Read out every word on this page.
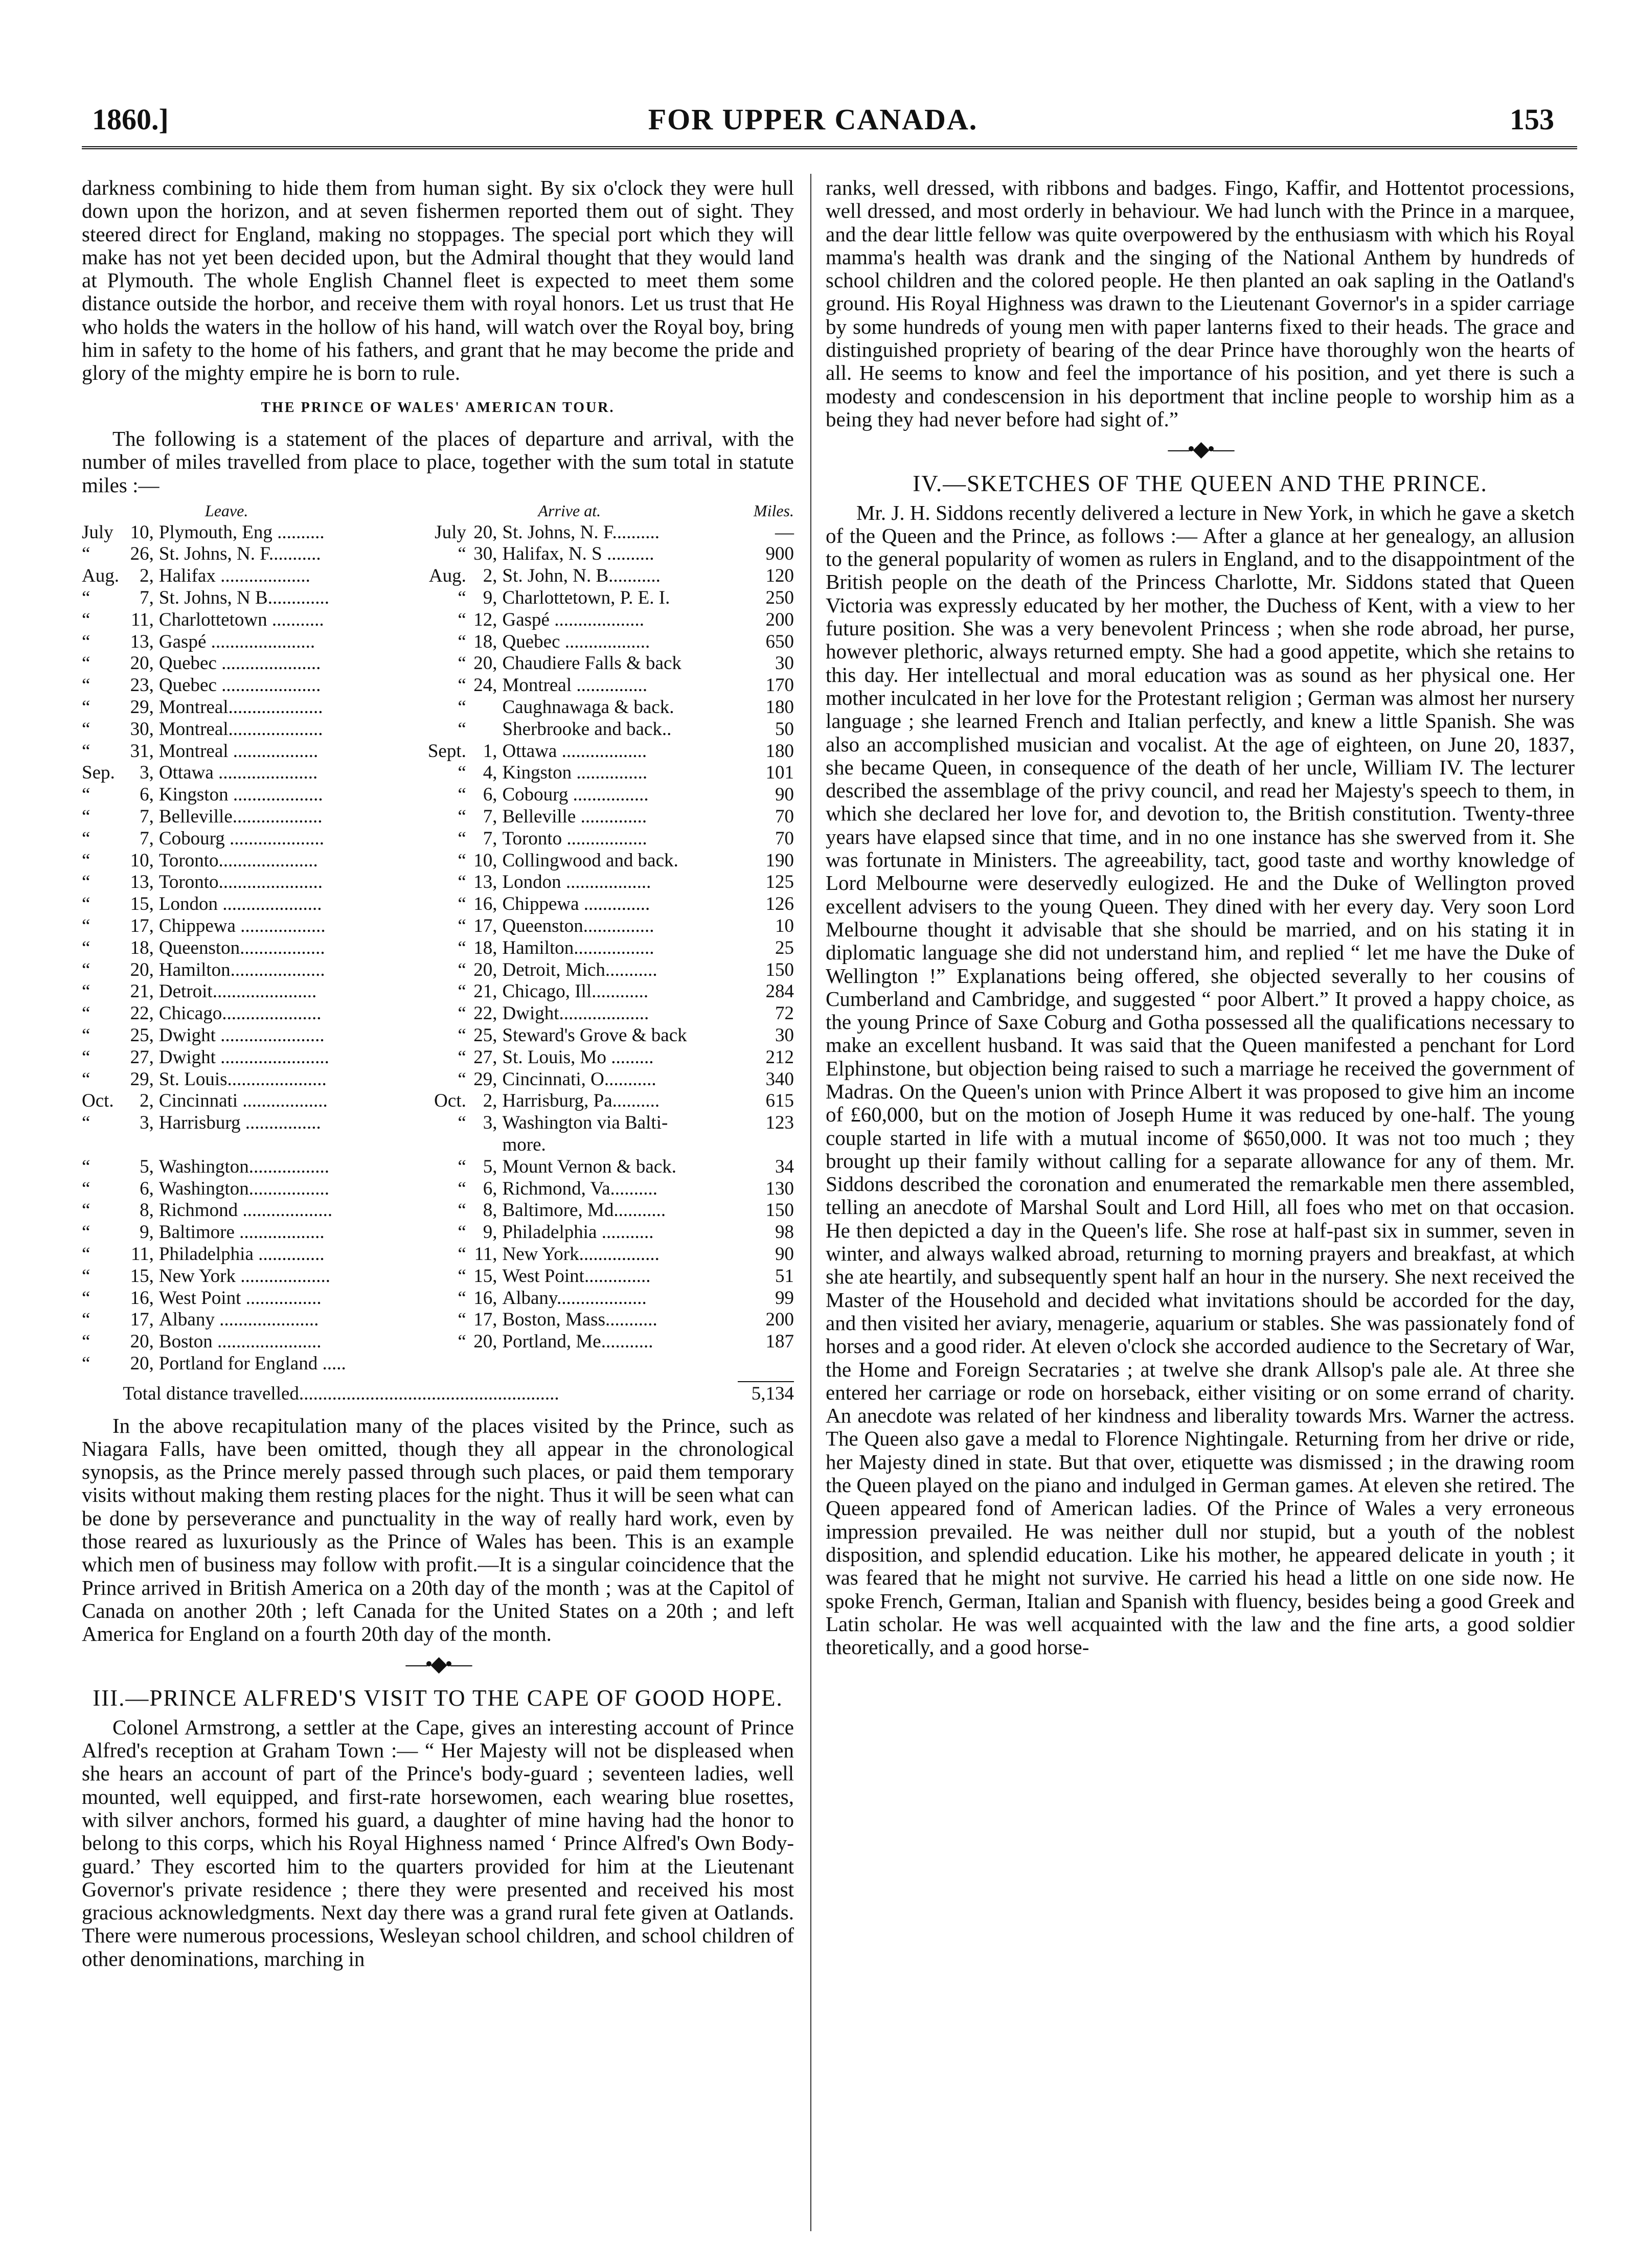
1860.]	FOR UPPER CANADA.	153

darkness combining to hide them from human sight. By six o'clock they were hull down upon the horizon, and at seven fishermen reported them out of sight. They steered direct for England, making no stoppages. The special port which they will make has not yet been decided upon, but the Admiral thought that they would land at Plymouth. The whole English Channel fleet is expected to meet them some distance outside the horbor, and receive them with royal honors. Let us trust that He who holds the waters in the hollow of his hand, will watch over the Royal boy, bring him in safety to the home of his fathers, and grant that he may become the pride and glory of the mighty empire he is born to rule.

THE PRINCE OF WALES' AMERICAN TOUR.

The following is a statement of the places of departure and arrival, with the number of miles travelled from place to place, together with the sum total in statute miles :—

		Leave.			Arrive at.	Miles.
July	10,	Plymouth, Eng ..........	July	20,	St. Johns, N. F..........	—
“	26,	St. Johns, N. F...........	“	30,	Halifax, N. S ..........	900
Aug.	2,	Halifax ...................	Aug.	2,	St. John, N. B...........	120
“	7,	St. Johns, N B.............	“	9,	Charlottetown, P. E. I.	250
“	11,	Charlottetown ...........	“	12,	Gaspé ...................	200
“	13,	Gaspé ......................	“	18,	Quebec ..................	650
“	20,	Quebec .....................	“	20,	Chaudiere Falls & back	30
“	23,	Quebec .....................	“	24,	Montreal ...............	170
“	29,	Montreal....................	“		Caughnawaga & back.	180
“	30,	Montreal....................	“		Sherbrooke and back..	50
“	31,	Montreal ..................	Sept.	1,	Ottawa ..................	180
Sep.	3,	Ottawa .....................	“	4,	Kingston ...............	101
“	6,	Kingston ...................	“	6,	Cobourg ................	90
“	7,	Belleville...................	“	7,	Belleville ..............	70
“	7,	Cobourg ....................	“	7,	Toronto .................	70
“	10,	Toronto.....................	“	10,	Collingwood and back.	190
“	13,	Toronto......................	“	13,	London ..................	125
“	15,	London .....................	“	16,	Chippewa ..............	126
“	17,	Chippewa ..................	“	17,	Queenston...............	10
“	18,	Queenston..................	“	18,	Hamilton.................	25
“	20,	Hamilton....................	“	20,	Detroit, Mich...........	150
“	21,	Detroit......................	“	21,	Chicago, Ill............	284
“	22,	Chicago.....................	“	22,	Dwight...................	72
“	25,	Dwight ......................	“	25,	Steward's Grove & back	30
“	27,	Dwight .......................	“	27,	St. Louis, Mo .........	212
“	29,	St. Louis.....................	“	29,	Cincinnati, O...........	340
Oct.	2,	Cincinnati ..................	Oct.	2,	Harrisburg, Pa..........	615
“	3,	Harrisburg ................	“	3,	Washington via Balti-	123
					more.	
“	5,	Washington.................	“	5,	Mount Vernon & back.	34
“	6,	Washington.................	“	6,	Richmond, Va..........	130
“	8,	Richmond ...................	“	8,	Baltimore, Md...........	150
“	9,	Baltimore ..................	“	9,	Philadelphia ...........	98
“	11,	Philadelphia ..............	“	11,	New York.................	90
“	15,	New York ...................	“	15,	West Point..............	51
“	16,	West Point ................	“	16,	Albany...................	99
“	17,	Albany .....................	“	17,	Boston, Mass...........	200
“	20,	Boston ......................	“	20,	Portland, Me...........	187
“	20,	Portland for England .....				

	Total distance travelled.......................................................					5,134

In the above recapitulation many of the places visited by the Prince, such as Niagara Falls, have been omitted, though they all appear in the chronological synopsis, as the Prince merely passed through such places, or paid them temporary visits without making them resting places for the night. Thus it will be seen what can be done by perseverance and punctuality in the way of really hard work, even by those reared as luxuriously as the Prince of Wales has been. This is an example which men of business may follow with profit.—It is a singular coincidence that the Prince arrived in British America on a 20th day of the month ; was at the Capitol of Canada on another 20th ; left Canada for the United States on a 20th ; and left America for England on a fourth 20th day of the month.

—•◆•—
III.—PRINCE ALFRED'S VISIT TO THE CAPE OF GOOD HOPE.

Colonel Armstrong, a settler at the Cape, gives an interesting account of Prince Alfred's reception at Graham Town :— “ Her Majesty will not be displeased when she hears an account of part of the Prince's body-guard ; seventeen ladies, well mounted, well equipped, and first-rate horsewomen, each wearing blue rosettes, with silver anchors, formed his guard, a daughter of mine having had the honor to belong to this corps, which his Royal Highness named ‘ Prince Alfred's Own Body-guard.’ They escorted him to the quarters provided for him at the Lieutenant Governor's private residence ; there they were presented and received his most gracious acknowledgments. Next day there was a grand rural fete given at Oatlands. There were numerous processions, Wesleyan school children, and school children of other denominations, marching in

ranks, well dressed, with ribbons and badges. Fingo, Kaffir, and Hottentot processions, well dressed, and most orderly in behaviour. We had lunch with the Prince in a marquee, and the dear little fellow was quite overpowered by the enthusiasm with which his Royal mamma's health was drank and the singing of the National Anthem by hundreds of school children and the colored people. He then planted an oak sapling in the Oatland's ground. His Royal Highness was drawn to the Lieutenant Governor's in a spider carriage by some hundreds of young men with paper lanterns fixed to their heads. The grace and distinguished propriety of bearing of the dear Prince have thoroughly won the hearts of all. He seems to know and feel the importance of his position, and yet there is such a modesty and condescension in his deportment that incline people to worship him as a being they had never before had sight of.”

—•◆•—
IV.—SKETCHES OF THE QUEEN AND THE PRINCE.

Mr. J. H. Siddons recently delivered a lecture in New York, in which he gave a sketch of the Queen and the Prince, as follows :— After a glance at her genealogy, an allusion to the general popularity of women as rulers in England, and to the disappointment of the British people on the death of the Princess Charlotte, Mr. Siddons stated that Queen Victoria was expressly educated by her mother, the Duchess of Kent, with a view to her future position. She was a very benevolent Princess ; when she rode abroad, her purse, however plethoric, always returned empty. She had a good appetite, which she retains to this day. Her intellectual and moral education was as sound as her physical one. Her mother inculcated in her love for the Protestant religion ; German was almost her nursery language ; she learned French and Italian perfectly, and knew a little Spanish. She was also an accomplished musician and vocalist. At the age of eighteen, on June 20, 1837, she became Queen, in consequence of the death of her uncle, William IV. The lecturer described the assemblage of the privy council, and read her Majesty's speech to them, in which she declared her love for, and devotion to, the British constitution. Twenty-three years have elapsed since that time, and in no one instance has she swerved from it. She was fortunate in Ministers. The agreeability, tact, good taste and worthy knowledge of Lord Melbourne were deservedly eulogized. He and the Duke of Wellington proved excellent advisers to the young Queen. They dined with her every day. Very soon Lord Melbourne thought it advisable that she should be married, and on his stating it in diplomatic language she did not understand him, and replied “ let me have the Duke of Wellington !” Explanations being offered, she objected severally to her cousins of Cumberland and Cambridge, and suggested “ poor Albert.” It proved a happy choice, as the young Prince of Saxe Coburg and Gotha possessed all the qualifications necessary to make an excellent husband. It was said that the Queen manifested a penchant for Lord Elphinstone, but objection being raised to such a marriage he received the government of Madras. On the Queen's union with Prince Albert it was proposed to give him an income of £60,000, but on the motion of Joseph Hume it was reduced by one-half. The young couple started in life with a mutual income of $650,000. It was not too much ; they brought up their family without calling for a separate allowance for any of them. Mr. Siddons described the coronation and enumerated the remarkable men there assembled, telling an anecdote of Marshal Soult and Lord Hill, all foes who met on that occasion. He then depicted a day in the Queen's life. She rose at half-past six in summer, seven in winter, and always walked abroad, returning to morning prayers and breakfast, at which she ate heartily, and subsequently spent half an hour in the nursery. She next received the Master of the Household and decided what invitations should be accorded for the day, and then visited her aviary, menagerie, aquarium or stables. She was passionately fond of horses and a good rider. At eleven o'clock she accorded audience to the Secretary of War, the Home and Foreign Secrataries ; at twelve she drank Allsop's pale ale. At three she entered her carriage or rode on horseback, either visiting or on some errand of charity. An anecdote was related of her kindness and liberality towards Mrs. Warner the actress. The Queen also gave a medal to Florence Nightingale. Returning from her drive or ride, her Majesty dined in state. But that over, etiquette was dismissed ; in the drawing room the Queen played on the piano and indulged in German games. At eleven she retired. The Queen appeared fond of American ladies. Of the Prince of Wales a very erroneous impression prevailed. He was neither dull nor stupid, but a youth of the noblest disposition, and splendid education. Like his mother, he appeared delicate in youth ; it was feared that he might not survive. He carried his head a little on one side now. He spoke French, German, Italian and Spanish with fluency, besides being a good Greek and Latin scholar. He was well acquainted with the law and the fine arts, a good soldier theoretically, and a good horse-
